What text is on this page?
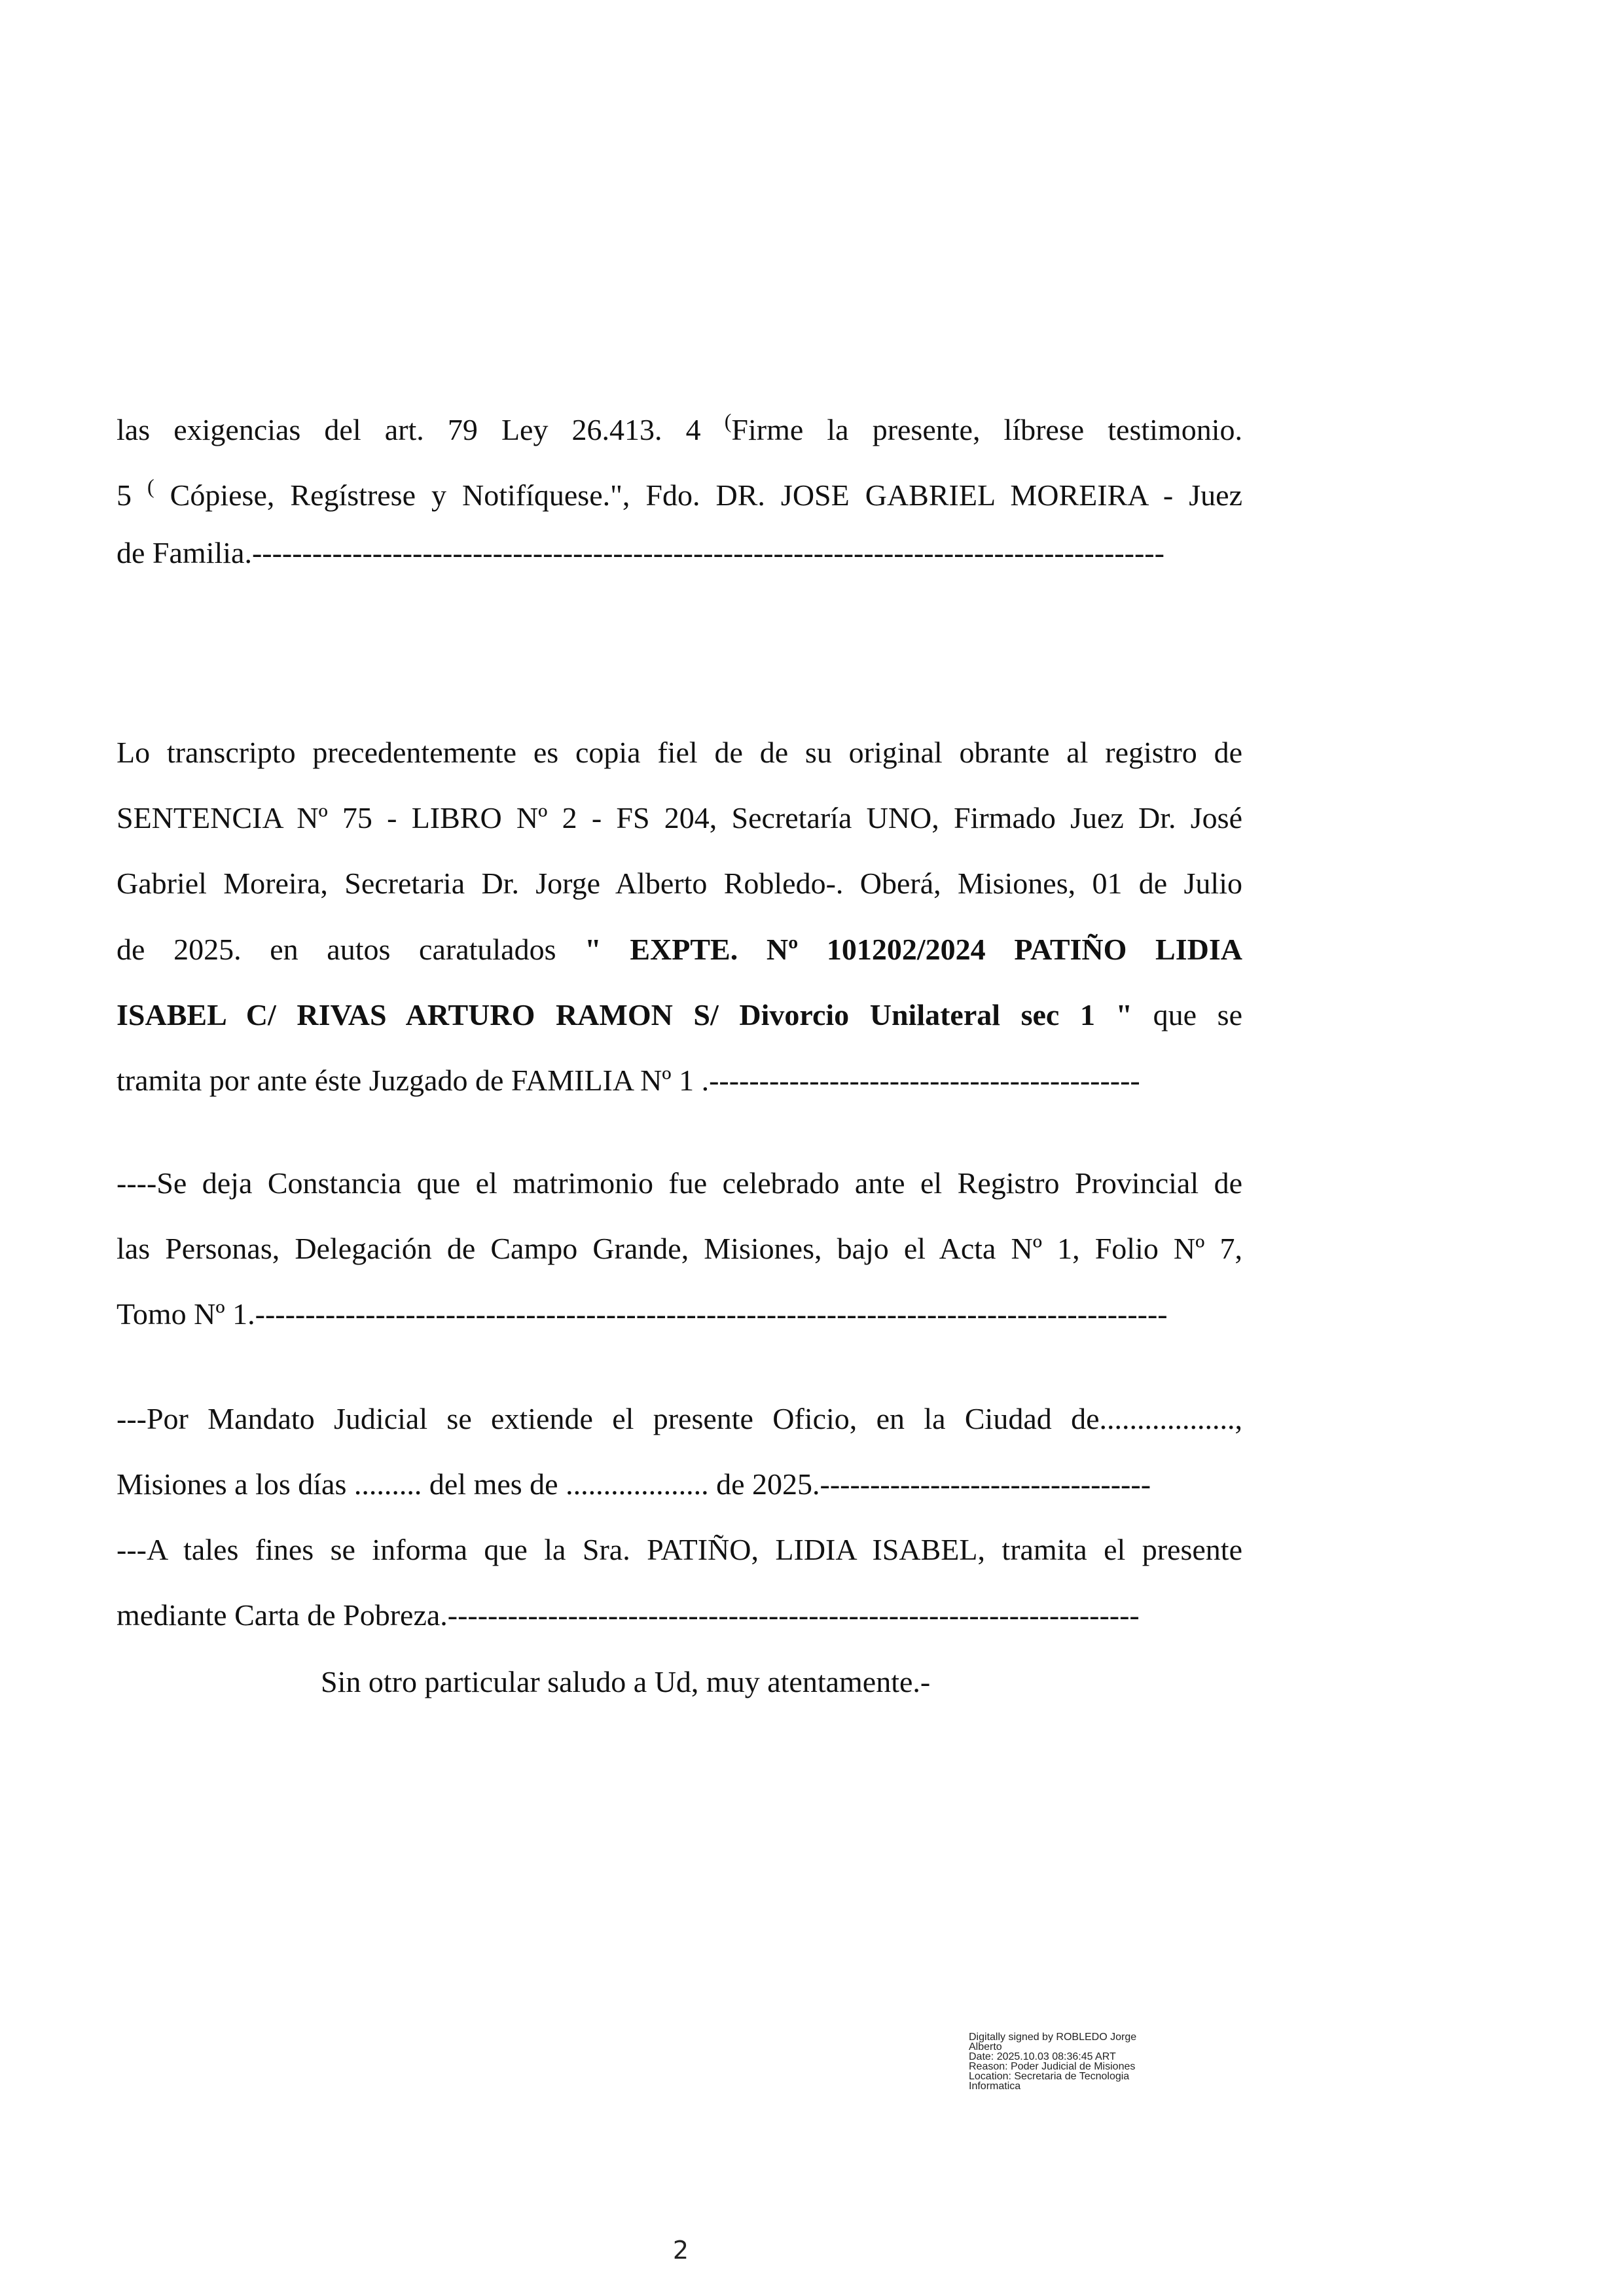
las exigencias del art. 79 Ley 26.413. 4 (Firme la presente, líbrese testimonio.
5 ( Cópiese, Regístrese y Notifíquese.", Fdo. DR. JOSE GABRIEL MOREIRA - Juez
de Familia.-------------------------------------------------------------------------------------------
Lo transcripto precedentemente es copia fiel de de su original obrante al registro de
SENTENCIA Nº 75 - LIBRO Nº 2 - FS 204, Secretaría UNO, Firmado Juez Dr. José
Gabriel Moreira, Secretaria Dr. Jorge Alberto Robledo-. Oberá, Misiones, 01 de Julio
de 2025. en autos caratulados " EXPTE. Nº 101202/2024 PATIÑO LIDIA
ISABEL C/ RIVAS ARTURO RAMON S/ Divorcio Unilateral sec 1 " que se
tramita por ante éste Juzgado de FAMILIA Nº 1 .-------------------------------------------
----Se deja Constancia que el matrimonio fue celebrado ante el Registro Provincial de
las Personas, Delegación de Campo Grande, Misiones, bajo el Acta Nº 1, Folio Nº 7,
Tomo Nº 1.-------------------------------------------------------------------------------------------
---Por Mandato Judicial se extiende el presente Oficio, en la Ciudad de..................,
Misiones a los días ......... del mes de ................... de 2025.---------------------------------
---A tales fines se informa que la Sra. PATIÑO, LIDIA ISABEL, tramita el presente
mediante Carta de Pobreza.---------------------------------------------------------------------
Sin otro particular saludo a Ud, muy atentamente.-
Digitally signed by ROBLEDO Jorge
Alberto
Date: 2025.10.03 08:36:45 ART
Reason: Poder Judicial de Misiones
Location: Secretaria de Tecnologia
Informatica
2
